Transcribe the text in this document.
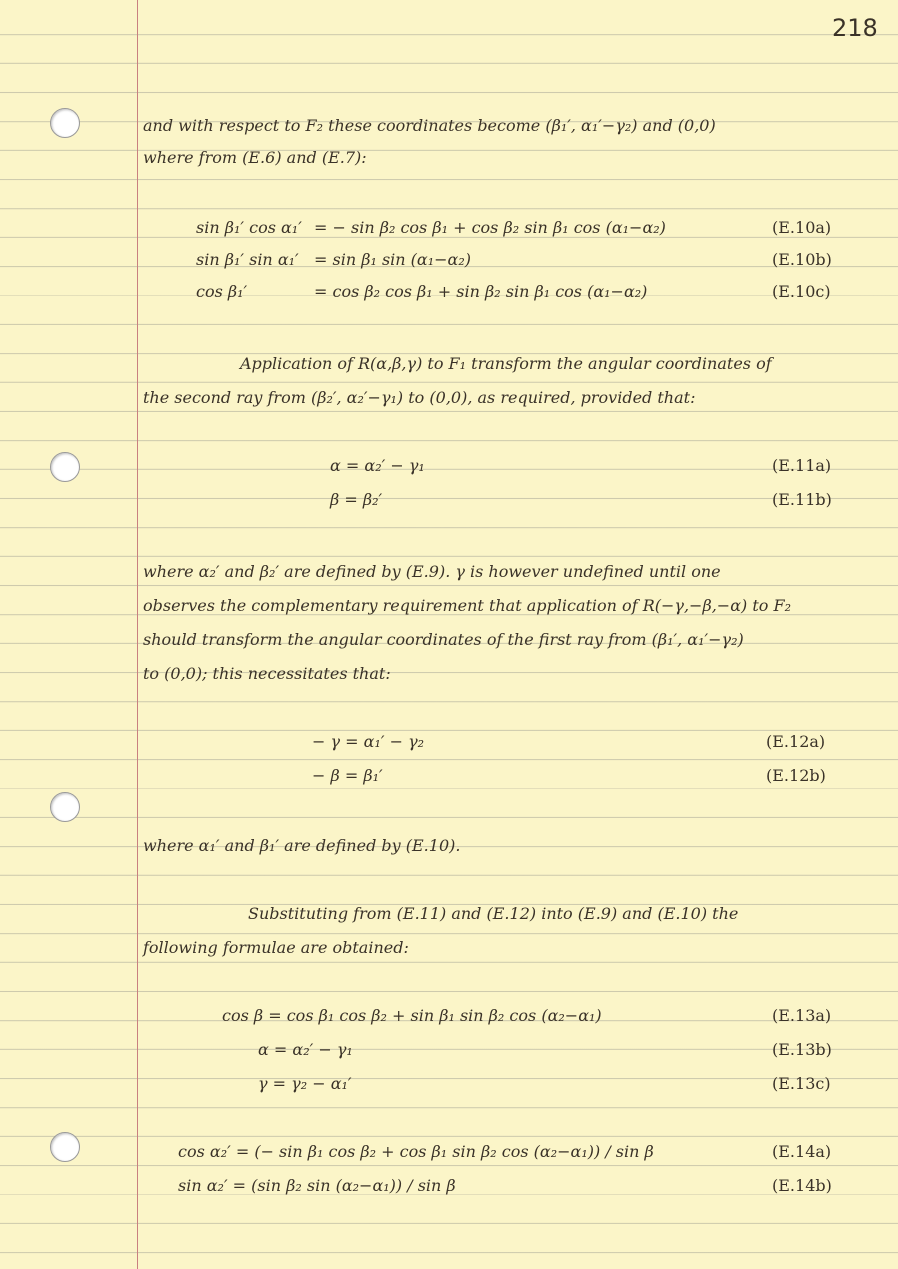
218
and with respect to F₂ these coordinates become (β₁′, α₁′−γ₂) and (0,0)
where from (E.6) and (E.7):
sin β₁′ cos α₁′ = − sin β₂ cos β₁ + cos β₂ sin β₁ cos (α₁−α₂)	(E.10a)
sin β₁′ sin α₁′ = sin β₁ sin (α₁−α₂)	(E.10b)
cos β₁′	= cos β₂ cos β₁ + sin β₂ sin β₁ cos (α₁−α₂)	(E.10c)
Application of R(α,β,γ) to F₁ transform the angular coordinates of
the second ray from (β₂′, α₂′−γ₁) to (0,0), as required, provided that:
α = α₂′ − γ₁	(E.11a)
β = β₂′	(E.11b)
where α₂′ and β₂′ are defined by (E.9). γ is however undefined until one
observes the complementary requirement that application of R(−γ,−β,−α) to F₂
should transform the angular coordinates of the first ray from (β₁′, α₁′−γ₂)
to (0,0); this necessitates that:
− γ = α₁′ − γ₂	(E.12a)
− β = β₁′	(E.12b)
where α₁′ and β₁′ are defined by (E.10).
Substituting from (E.11) and (E.12) into (E.9) and (E.10) the
following formulae are obtained:
cos β = cos β₁ cos β₂ + sin β₁ sin β₂ cos (α₂−α₁)	(E.13a)
α = α₂′ − γ₁	(E.13b)
γ = γ₂ − α₁′	(E.13c)
cos α₂′ = (− sin β₁ cos β₂ + cos β₁ sin β₂ cos (α₂−α₁)) / sin β	(E.14a)
sin α₂′ = (sin β₂ sin (α₂−α₁)) / sin β	(E.14b)
